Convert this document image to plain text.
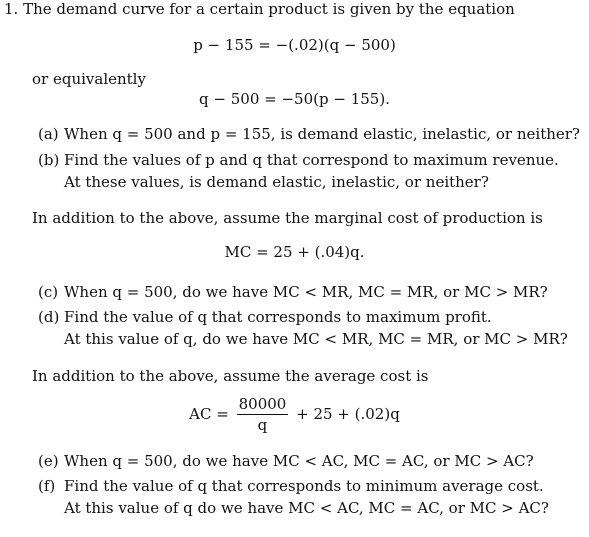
1. The demand curve for a certain product is given by the equation
p − 155 = −(.02)(q − 500)
or equivalently
q − 500 = −50(p − 155).
(a) When q = 500 and p = 155, is demand elastic, inelastic, or neither?
(b) Find the values of p and q that correspond to maximum revenue.
At these values, is demand elastic, inelastic, or neither?
In addition to the above, assume the marginal cost of production is
MC = 25 + (.04)q.
(c) When q = 500, do we have MC < MR, MC = MR, or MC > MR?
(d) Find the value of q that corresponds to maximum profit.
At this value of q, do we have MC < MR, MC = MR, or MC > MR?
In addition to the above, assume the average cost is
AC = $\frac{80000}{q} + 25 + (.02)q$
(e) When q = 500, do we have MC < AC, MC = AC, or MC > AC?
(f) Find the value of q that corresponds to minimum average cost.
At this value of q do we have MC < AC, MC = AC, or MC > AC?
